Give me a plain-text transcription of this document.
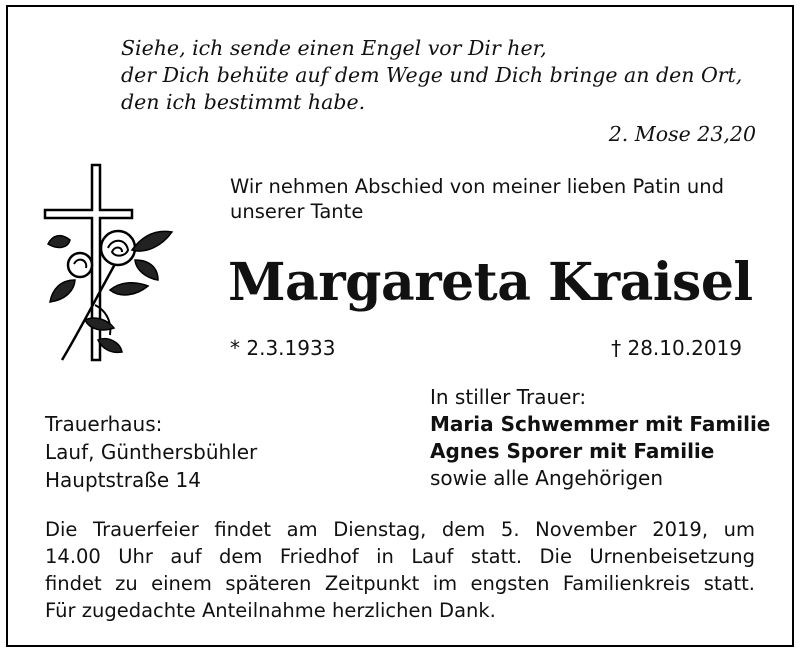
Siehe, ich sende einen Engel vor Dir her,
der Dich behüte auf dem Wege und Dich bringe an den Ort,
den ich bestimmt habe.
2. Mose 23,20
Wir nehmen Abschied von meiner lieben Patin und
unserer Tante
Margareta Kraisel
* 2.3.1933	† 28.10.2019
Trauerhaus:
Lauf, Günthersbühler
Hauptstraße 14
In stiller Trauer:
Maria Schwemmer mit Familie
Agnes Sporer mit Familie
sowie alle Angehörigen
Die Trauerfeier findet am Dienstag, dem 5. November 2019, um
14.00 Uhr auf dem Friedhof in Lauf statt. Die Urnenbeisetzung
findet zu einem späteren Zeitpunkt im engsten Familienkreis statt.
Für zugedachte Anteilnahme herzlichen Dank.
